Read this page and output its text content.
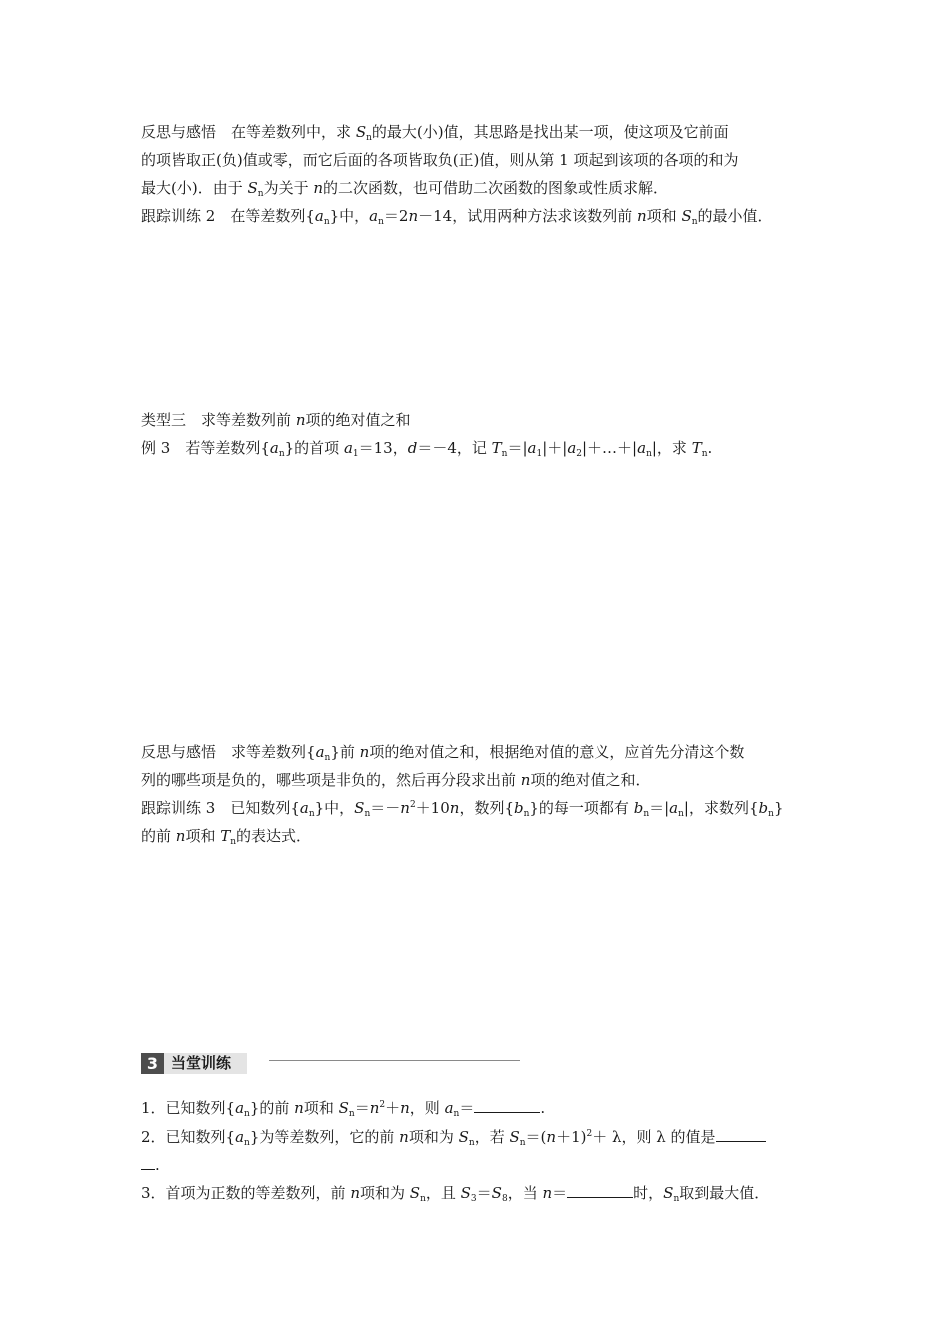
反思与感悟　 在等差数列中，求 $S_n$的最大(小)值，其思路是找出某一项，使这项及它前面
的项皆取正(负)值或零，而它后面的各项皆取负(正)值，则从第 1 项起到该项的各项的和为
最大(小)．由于 $S_n$为关于 n的二次函数，也可借助二次函数的图象或性质求解．
跟踪训练 2　 在等差数列$\{a_n\}$中，$a_n=2n-14$，试用两种方法求该数列前 n项和 $S_n$的最小值．
类型三　 求等差数列前 n项的绝对值之和
例 3　 若等差数列$\{a_n\}$的首项 $a_1=13$，d＝－4，记 $T_n=|a_1|+|a_2|+\dots+|a_n|$，求 $T_n$.
反思与感悟　 求等差数列$\{a_n\}$前 n项的绝对值之和，根据绝对值的意义，应首先分清这个数
列的哪些项是负的，哪些项是非负的，然后再分段求出前 n项的绝对值之和．
跟踪训练 3　 已知数列$\{a_n\}$中，$S_n=-n^2+10n$，数列$\{b_n\}$的每一项都有 $b_n=|a_n|$，求数列$\{b_n\}$
的前 n项和 $T_n$的表达式．
3 当堂训练
1．已知数列$\{a_n\}$的前 n项和 $S_n=n^2+n$，则 $a_n=$	.
2．已知数列$\{a_n\}$为等差数列，它的前 n项和为 $S_n$，若 $S_n=(n+1)^2+ \lambda$，则 λ 的值是
.
3．首项为正数的等差数列，前 n项和为 $S_n$，且 $S_3=S_8$，当 n＝	时，$S_n$取到最大值．
